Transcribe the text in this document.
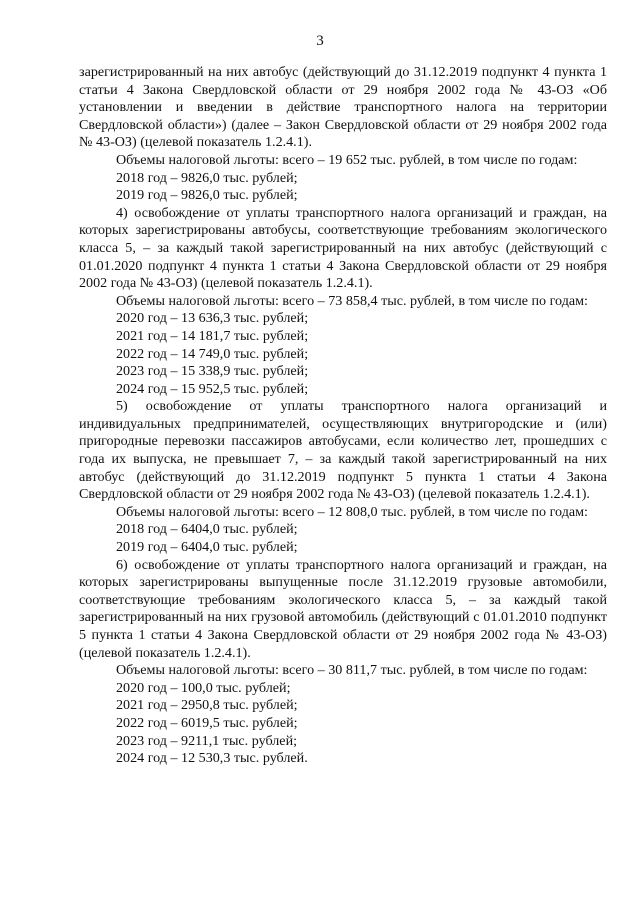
3

зарегистрированный на них автобус (действующий до 31.12.2019 подпункт 4 пункта 1 статьи 4 Закона Свердловской области от 29 ноября 2002 года № 43-ОЗ «Об установлении и введении в действие транспортного налога на территории Свердловской области») (далее – Закон Свердловской области от 29 ноября 2002 года № 43-ОЗ) (целевой показатель 1.2.4.1).

Объемы налоговой льготы: всего – 19 652 тыс. рублей, в том числе по годам:

2018 год – 9826,0 тыс. рублей;

2019 год – 9826,0 тыс. рублей;

4) освобождение от уплаты транспортного налога организаций и граждан, на которых зарегистрированы автобусы, соответствующие требованиям экологического класса 5, – за каждый такой зарегистрированный на них автобус (действующий с 01.01.2020 подпункт 4 пункта 1 статьи 4 Закона Свердловской области от 29 ноября 2002 года № 43-ОЗ) (целевой показатель 1.2.4.1).

Объемы налоговой льготы: всего – 73 858,4 тыс. рублей, в том числе по годам:

2020 год – 13 636,3 тыс. рублей;

2021 год – 14 181,7 тыс. рублей;

2022 год – 14 749,0 тыс. рублей;

2023 год – 15 338,9 тыс. рублей;

2024 год – 15 952,5 тыс. рублей;

5) освобождение от уплаты транспортного налога организаций и индивидуальных предпринимателей, осуществляющих внутригородские и (или) пригородные перевозки пассажиров автобусами, если количество лет, прошедших с года их выпуска, не превышает 7, – за каждый такой зарегистрированный на них автобус (действующий до 31.12.2019 подпункт 5 пункта 1 статьи 4 Закона Свердловской области от 29 ноября 2002 года № 43-ОЗ) (целевой показатель 1.2.4.1).

Объемы налоговой льготы: всего – 12 808,0 тыс. рублей, в том числе по годам:

2018 год – 6404,0 тыс. рублей;

2019 год – 6404,0 тыс. рублей;

6) освобождение от уплаты транспортного налога организаций и граждан, на которых зарегистрированы выпущенные после 31.12.2019 грузовые автомобили, соответствующие требованиям экологического класса 5, – за каждый такой зарегистрированный на них грузовой автомобиль (действующий с 01.01.2010 подпункт 5 пункта 1 статьи 4 Закона Свердловской области от 29 ноября 2002 года № 43-ОЗ) (целевой показатель 1.2.4.1).

Объемы налоговой льготы: всего – 30 811,7 тыс. рублей, в том числе по годам:

2020 год – 100,0 тыс. рублей;

2021 год – 2950,8 тыс. рублей;

2022 год – 6019,5 тыс. рублей;

2023 год – 9211,1 тыс. рублей;

2024 год – 12 530,3 тыс. рублей.
